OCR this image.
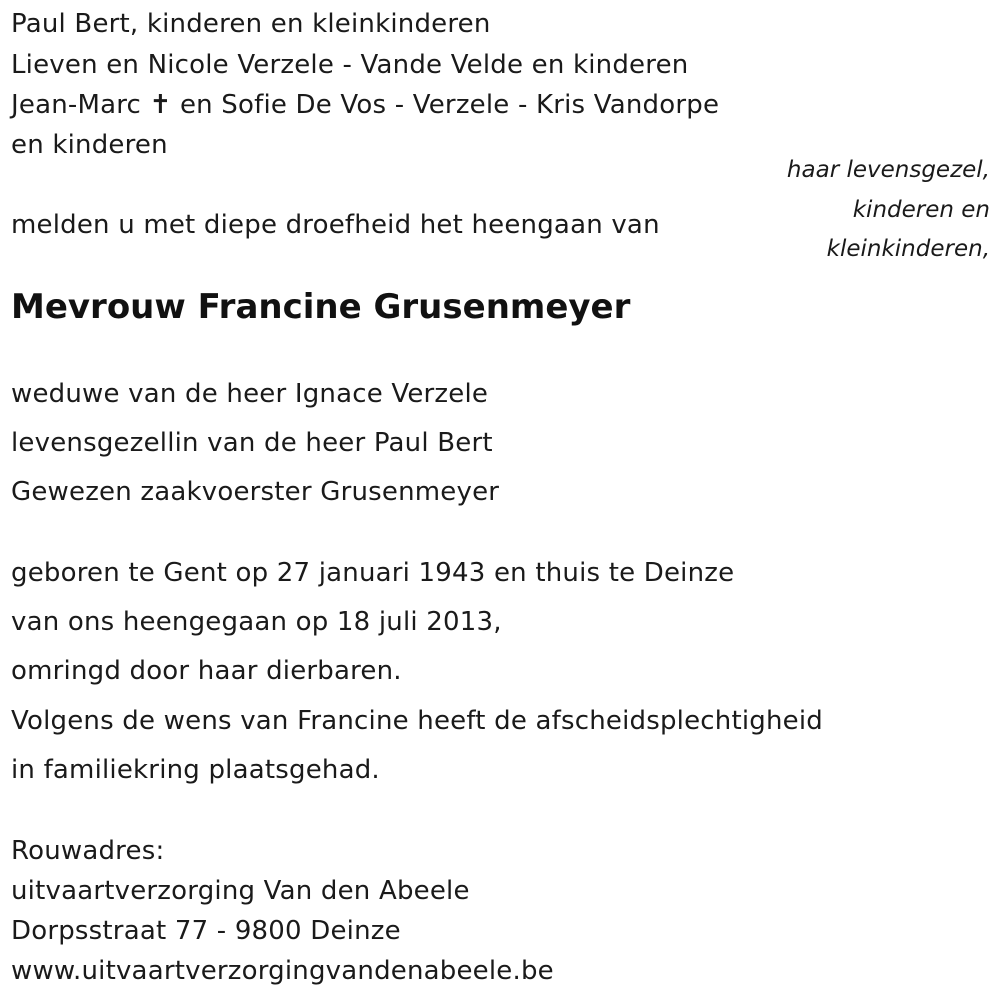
Paul Bert, kinderen en kleinkinderen
Lieven en Nicole Verzele - Vande Velde en kinderen
Jean-Marc ✝ en Sofie De Vos - Verzele - Kris Vandorpe
en kinderen
haar levensgezel,
kinderen en
kleinkinderen,
melden u met diepe droefheid het heengaan van
Mevrouw Francine Grusenmeyer
weduwe van de heer Ignace Verzele
levensgezellin van de heer Paul Bert
Gewezen zaakvoerster Grusenmeyer
geboren te Gent op 27 januari 1943 en thuis te Deinze
van ons heengegaan op 18 juli 2013,
omringd door haar dierbaren.
Volgens de wens van Francine heeft de afscheidsplechtigheid
in familiekring plaatsgehad.
Rouwadres:
uitvaartverzorging Van den Abeele
Dorpsstraat 77 - 9800 Deinze
www.uitvaartverzorgingvandenabeele.be
